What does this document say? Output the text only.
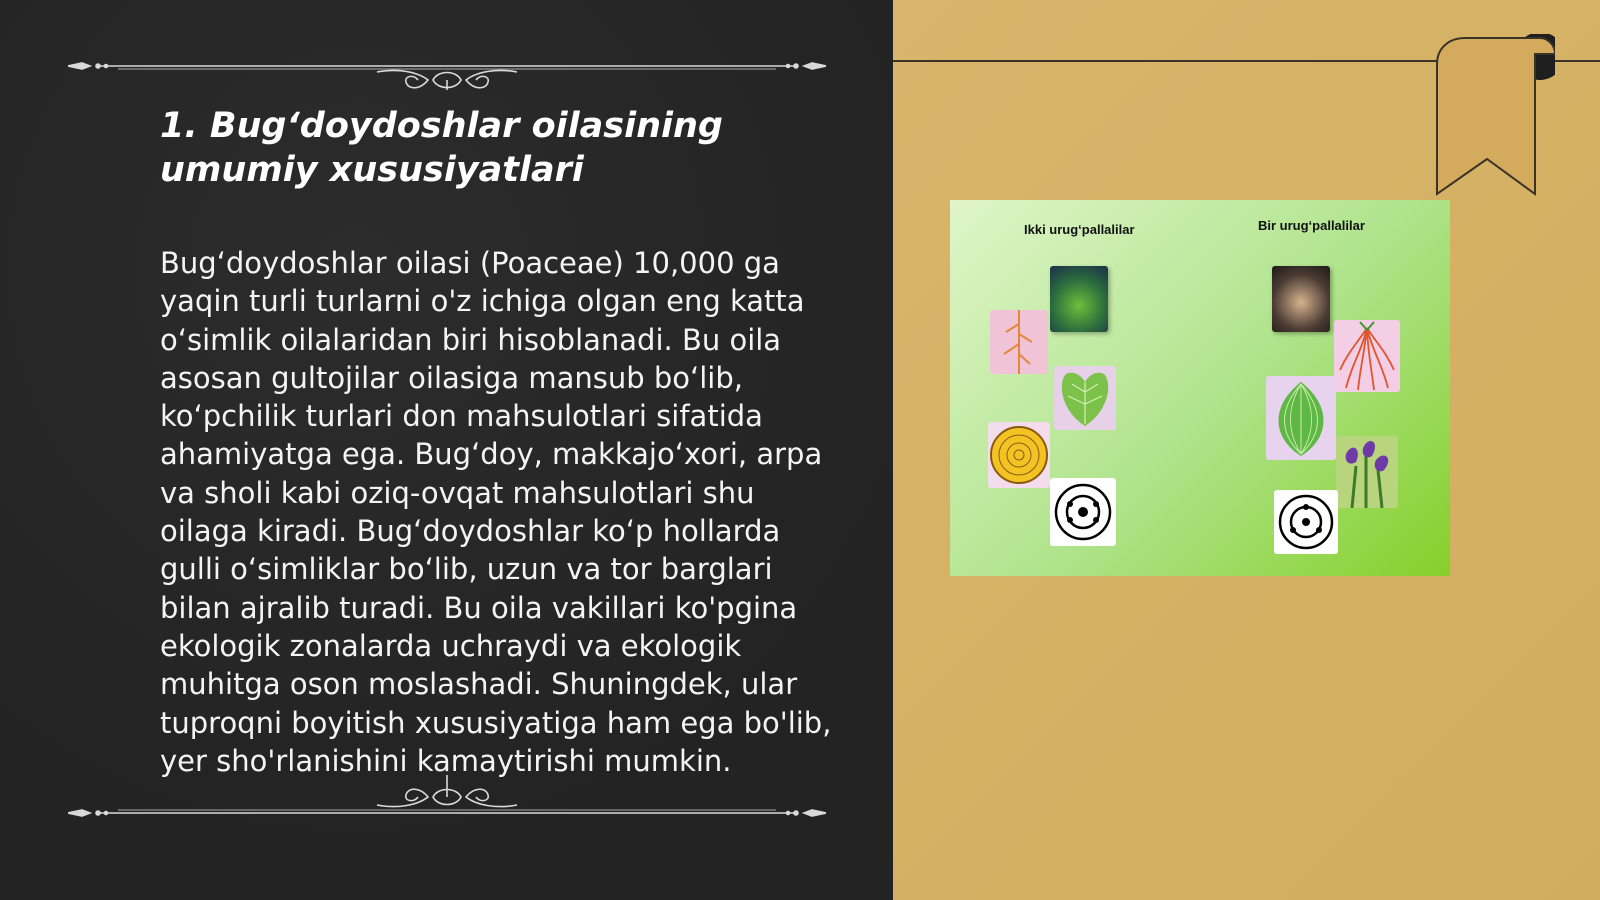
1. Bug‘doydoshlar oilasining umumiy xususiyatlari

Bug‘doydoshlar oilasi (Poaceae) 10,000 ga yaqin turli turlarni o'z ichiga olgan eng katta o‘simlik oilalaridan biri hisoblanadi. Bu oila asosan gultojilar oilasiga mansub bo‘lib, ko‘pchilik turlari don mahsulotlari sifatida ahamiyatga ega. Bug‘doy, makkajo‘xori, arpa va sholi kabi oziq-ovqat mahsulotlari shu oilaga kiradi. Bug‘doydoshlar ko‘p hollarda gulli o‘simliklar bo‘lib, uzun va tor barglari bilan ajralib turadi. Bu oila vakillari ko'pgina ekologik zonalarda uchraydi va ekologik muhitga oson moslashadi. Shuningdek, ular tuproqni boyitish xususiyatiga ham ega bo'lib, yer sho'rlanishini kamaytirishi mumkin.

Ikki urug‘pallalilar	Bir urug‘pallalilar
